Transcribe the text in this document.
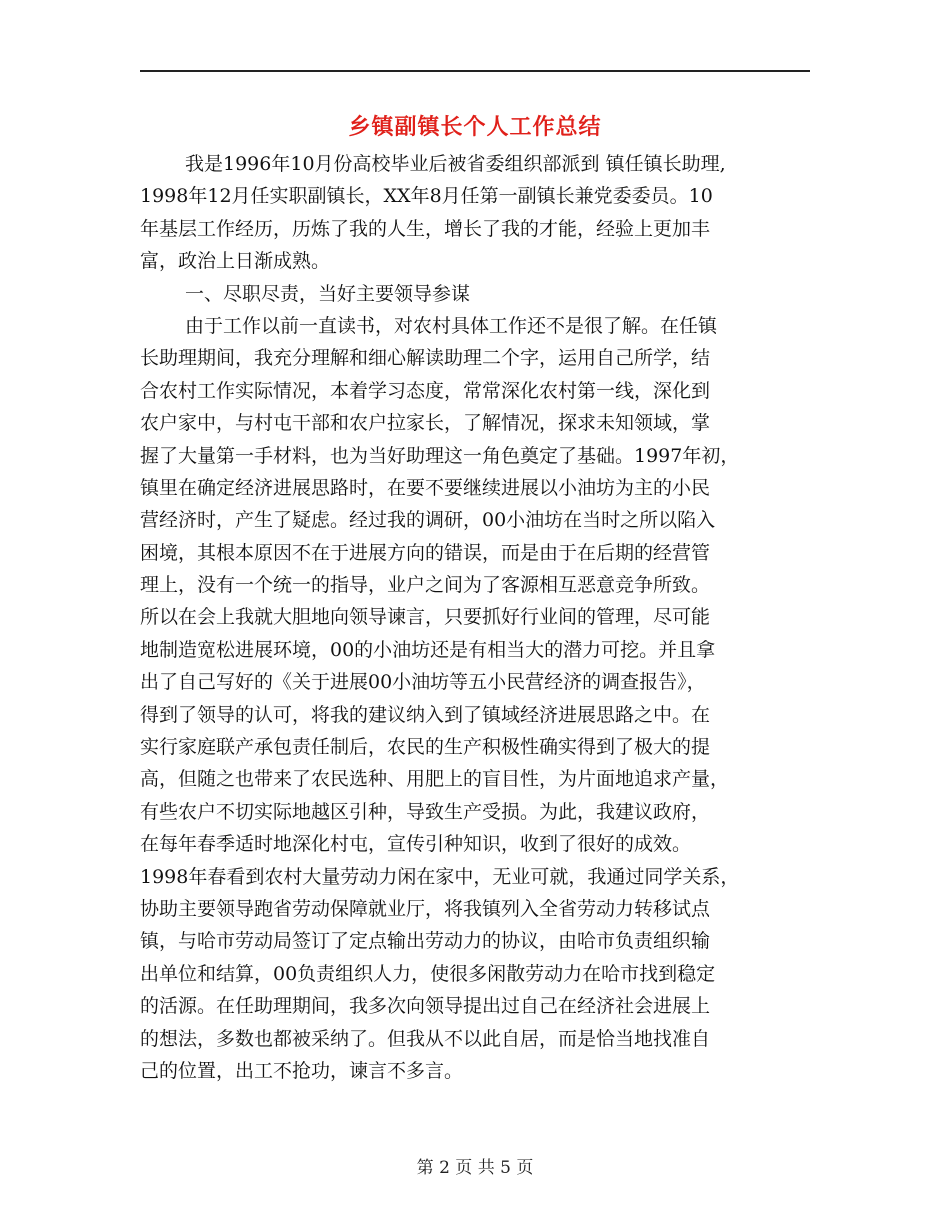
乡镇副镇长个人工作总结
我是1996年10月份高校毕业后被省委组织部派到 镇任镇长助理,
1998年12月任实职副镇长，XX年8月任第一副镇长兼党委委员。10
年基层工作经历，历炼了我的人生，增长了我的才能，经验上更加丰
富，政治上日渐成熟。
一、尽职尽责，当好主要领导参谋
由于工作以前一直读书，对农村具体工作还不是很了解。在任镇
长助理期间，我充分理解和细心解读助理二个字，运用自己所学，结
合农村工作实际情况，本着学习态度，常常深化农村第一线，深化到
农户家中，与村屯干部和农户拉家长，了解情况，探求未知领域，掌
握了大量第一手材料，也为当好助理这一角色奠定了基础。1997年初，
镇里在确定经济进展思路时，在要不要继续进展以小油坊为主的小民
营经济时，产生了疑虑。经过我的调研，00小油坊在当时之所以陷入
困境，其根本原因不在于进展方向的错误，而是由于在后期的经营管
理上，没有一个统一的指导，业户之间为了客源相互恶意竞争所致。
所以在会上我就大胆地向领导谏言，只要抓好行业间的管理，尽可能
地制造宽松进展环境，00的小油坊还是有相当大的潜力可挖。并且拿
出了自己写好的《关于进展00小油坊等五小民营经济的调查报告》，
得到了领导的认可，将我的建议纳入到了镇域经济进展思路之中。在
实行家庭联产承包责任制后，农民的生产积极性确实得到了极大的提
高，但随之也带来了农民选种、用肥上的盲目性，为片面地追求产量，
有些农户不切实际地越区引种，导致生产受损。为此，我建议政府，
在每年春季适时地深化村屯，宣传引种知识，收到了很好的成效。
1998年春看到农村大量劳动力闲在家中，无业可就，我通过同学关系，
协助主要领导跑省劳动保障就业厅，将我镇列入全省劳动力转移试点
镇，与哈市劳动局签订了定点输出劳动力的协议，由哈市负责组织输
出单位和结算，00负责组织人力，使很多闲散劳动力在哈市找到稳定
的活源。在任助理期间，我多次向领导提出过自己在经济社会进展上
的想法，多数也都被采纳了。但我从不以此自居，而是恰当地找准自
己的位置，出工不抢功，谏言不多言。
第 2 页 共 5 页
